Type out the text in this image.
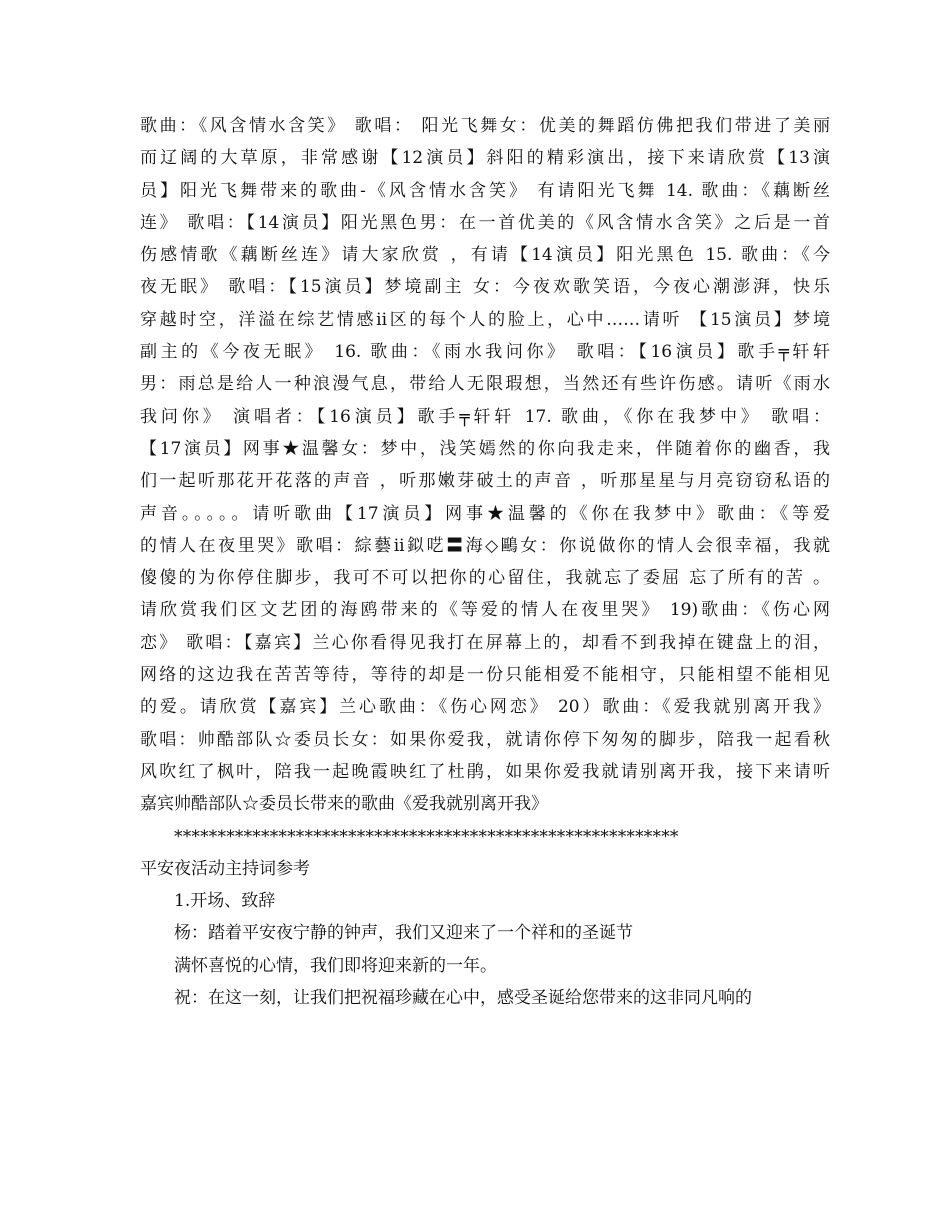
歌曲：《风含情水含笑》 歌唱： 阳光飞舞女：优美的舞蹈仿佛把我们带进了美丽
而辽阔的大草原，非常感谢【12演员】斜阳的精彩演出，接下来请欣赏【13演
员】阳光飞舞带来的歌曲-《风含情水含笑》 有请阳光飞舞 14. 歌曲：《藕断丝
连》 歌唱：【14演员】阳光黑色男：在一首优美的《风含情水含笑》之后是一首
伤感情歌《藕断丝连》请大家欣赏 ，有请【14演员】阳光黑色 15. 歌曲：《今
夜无眠》 歌唱：【15演员】梦境副主 女：今夜欢歌笑语，今夜心潮澎湃，快乐
穿越时空，洋溢在综艺情感ii区的每个人的脸上，心中……请听 【15演员】梦境
副主的《今夜无眠》 16. 歌曲：《雨水我问你》 歌唱：【16演员】歌手╤轩轩
男：雨总是给人一种浪漫气息，带给人无限瑕想，当然还有些许伤感。请听《雨水
我问你》 演唱者：【16演员】歌手╤轩轩 17. 歌曲，《你在我梦中》 歌唱：
【17演员】网事★温馨女：梦中，浅笑嫣然的你向我走来，伴随着你的幽香，我
们一起听那花开花落的声音 ，听那嫩芽破土的声音 ，听那星星与月亮窃窃私语的
声音。。。。。请听歌曲【17演员】网事★温馨的《你在我梦中》歌曲：《等爱
的情人在夜里哭》歌唱：綜藝ii鉯呓〓海◇鷗女：你说做你的情人会很幸福，我就
傻傻的为你停住脚步，我可不可以把你的心留住，我就忘了委屈 忘了所有的苦 。
请欣赏我们区文艺团的海鸥带来的《等爱的情人在夜里哭》 19)歌曲：《伤心网
恋》 歌唱：【嘉宾】兰心你看得见我打在屏幕上的，却看不到我掉在键盘上的泪，
网络的这边我在苦苦等待，等待的却是一份只能相爱不能相守，只能相望不能相见
的爱。请欣赏【嘉宾】兰心歌曲：《伤心网恋》 20）歌曲：《爱我就别离开我》
歌唱：帅酷部队☆委员长女：如果你爱我，就请你停下匆匆的脚步，陪我一起看秋
风吹红了枫叶，陪我一起晚霞映红了杜鹃，如果你爱我就请别离开我，接下来请听
嘉宾帅酷部队☆委员长带来的歌曲《爱我就别离开我》
**********************************************************
平安夜活动主持词参考
1.开场、致辞
杨：踏着平安夜宁静的钟声，我们又迎来了一个祥和的圣诞节
满怀喜悦的心情，我们即将迎来新的一年。
祝：在这一刻，让我们把祝福珍藏在心中，感受圣诞给您带来的这非同凡响的
